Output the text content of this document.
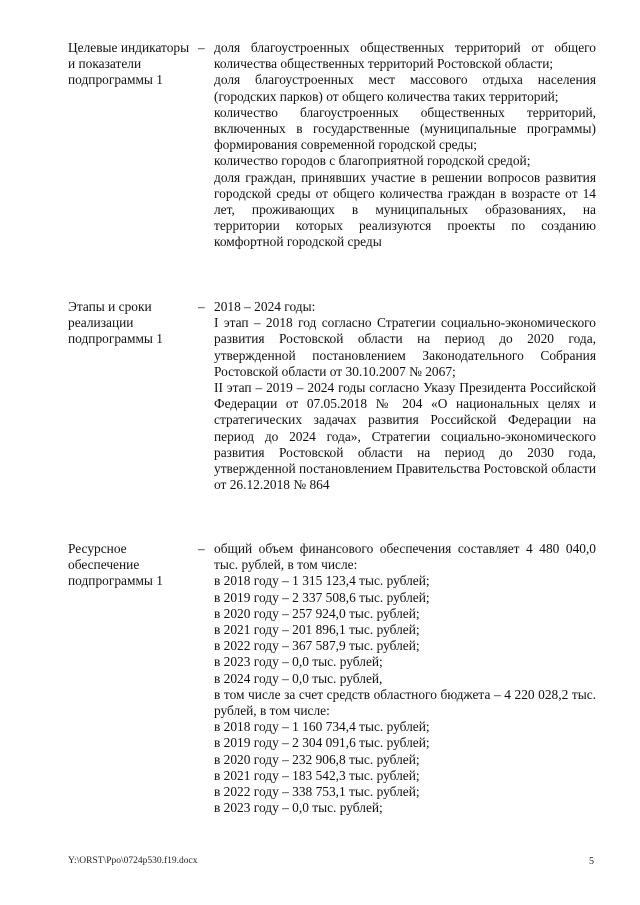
Целевые индикаторы и показатели подпрограммы 1
– доля благоустроенных общественных территорий от общего количества общественных территорий Ростовской области;

доля благоустроенных мест массового отдыха населения (городских парков) от общего количества таких территорий;

количество благоустроенных общественных территорий, включенных в государственные (муниципальные программы) формирования современной городской среды;

количество городов с благоприятной городской средой;

доля граждан, принявших участие в решении вопросов развития городской среды от общего количества граждан в возрасте от 14 лет, проживающих в муниципальных образованиях, на территории которых реализуются проекты по созданию комфортной городской среды

Этапы и сроки реализации подпрограммы 1
– 2018 – 2024 годы:

I этап – 2018 год согласно Стратегии социально-экономического развития Ростовской области на период до 2020 года, утвержденной постановлением Законодательного Собрания Ростовской области от 30.10.2007 № 2067;

II этап – 2019 – 2024 годы согласно Указу Президента Российской Федерации от 07.05.2018 № 204 «О национальных целях и стратегических задачах развития Российской Федерации на период до 2024 года», Стратегии социально-экономического развития Ростовской области на период до 2030 года, утвержденной постановлением Правительства Ростовской области от 26.12.2018 № 864

Ресурсное обеспечение подпрограммы 1
– общий объем финансового обеспечения составляет 4 480 040,0 тыс. рублей, в том числе:

в 2018 году – 1 315 123,4 тыс. рублей;

в 2019 году – 2 337 508,6 тыс. рублей;

в 2020 году – 257 924,0 тыс. рублей;

в 2021 году – 201 896,1 тыс. рублей;

в 2022 году – 367 587,9 тыс. рублей;

в 2023 году – 0,0 тыс. рублей;

в 2024 году – 0,0 тыс. рублей,

в том числе за счет средств областного бюджета – 4 220 028,2 тыс. рублей, в том числе:

в 2018 году – 1 160 734,4 тыс. рублей;

в 2019 году – 2 304 091,6 тыс. рублей;

в 2020 году – 232 906,8 тыс. рублей;

в 2021 году – 183 542,3 тыс. рублей;

в 2022 году – 338 753,1 тыс. рублей;

в 2023 году – 0,0 тыс. рублей;

Y:\ORST\Ppo\0724p530.f19.docx	5
